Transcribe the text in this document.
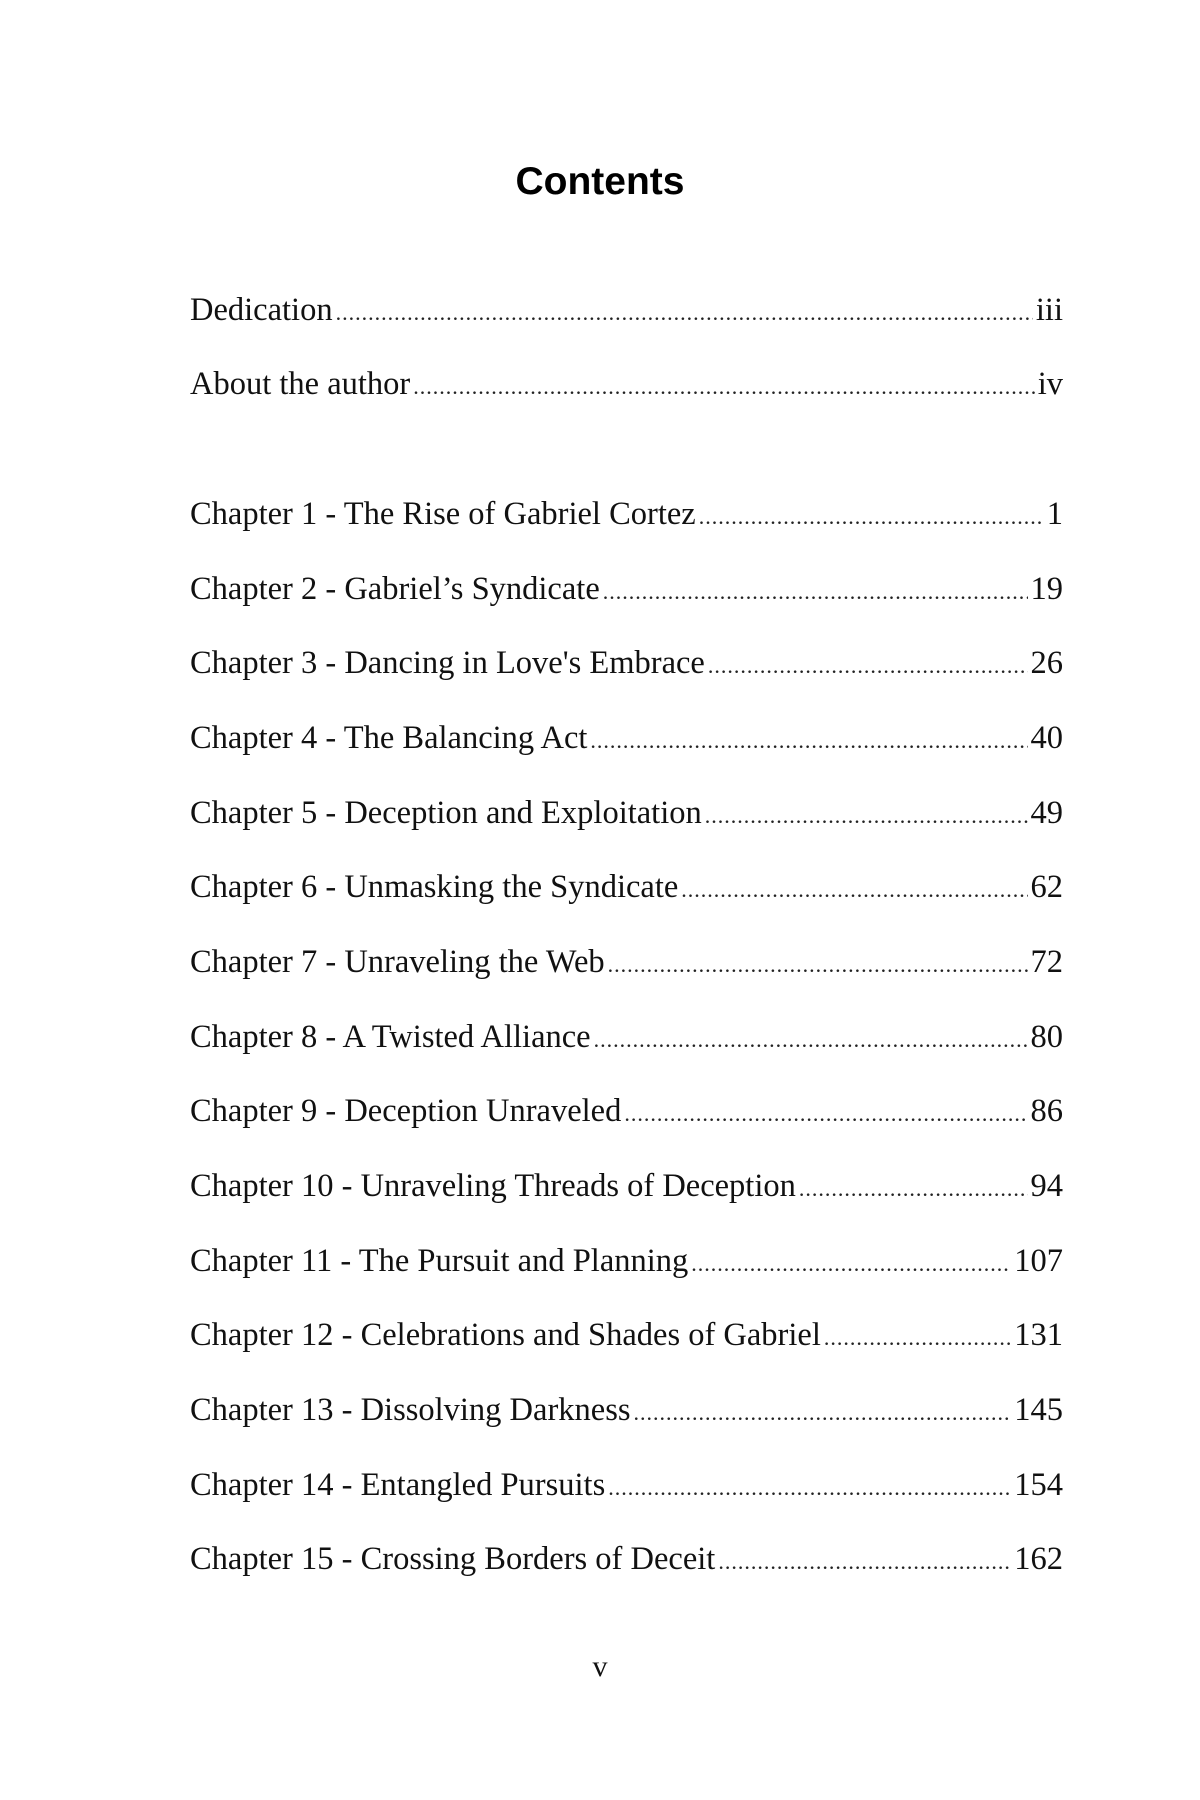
Contents
Dedication .....	iii
About the author .....	iv
Chapter 1 - The Rise of Gabriel Cortez .....	1
Chapter 2 - Gabriel’s Syndicate .....	19
Chapter 3 - Dancing in Love's Embrace .....	26
Chapter 4 - The Balancing Act .....	40
Chapter 5 - Deception and Exploitation .....	49
Chapter 6 - Unmasking the Syndicate .....	62
Chapter 7 - Unraveling the Web .....	72
Chapter 8 - A Twisted Alliance .....	80
Chapter 9 - Deception Unraveled .....	86
Chapter 10 - Unraveling Threads of Deception .....	94
Chapter 11 - The Pursuit and Planning .....	107
Chapter 12 - Celebrations and Shades of Gabriel .....	131
Chapter 13 - Dissolving Darkness .....	145
Chapter 14 - Entangled Pursuits .....	154
Chapter 15 - Crossing Borders of Deceit .....	162
v
